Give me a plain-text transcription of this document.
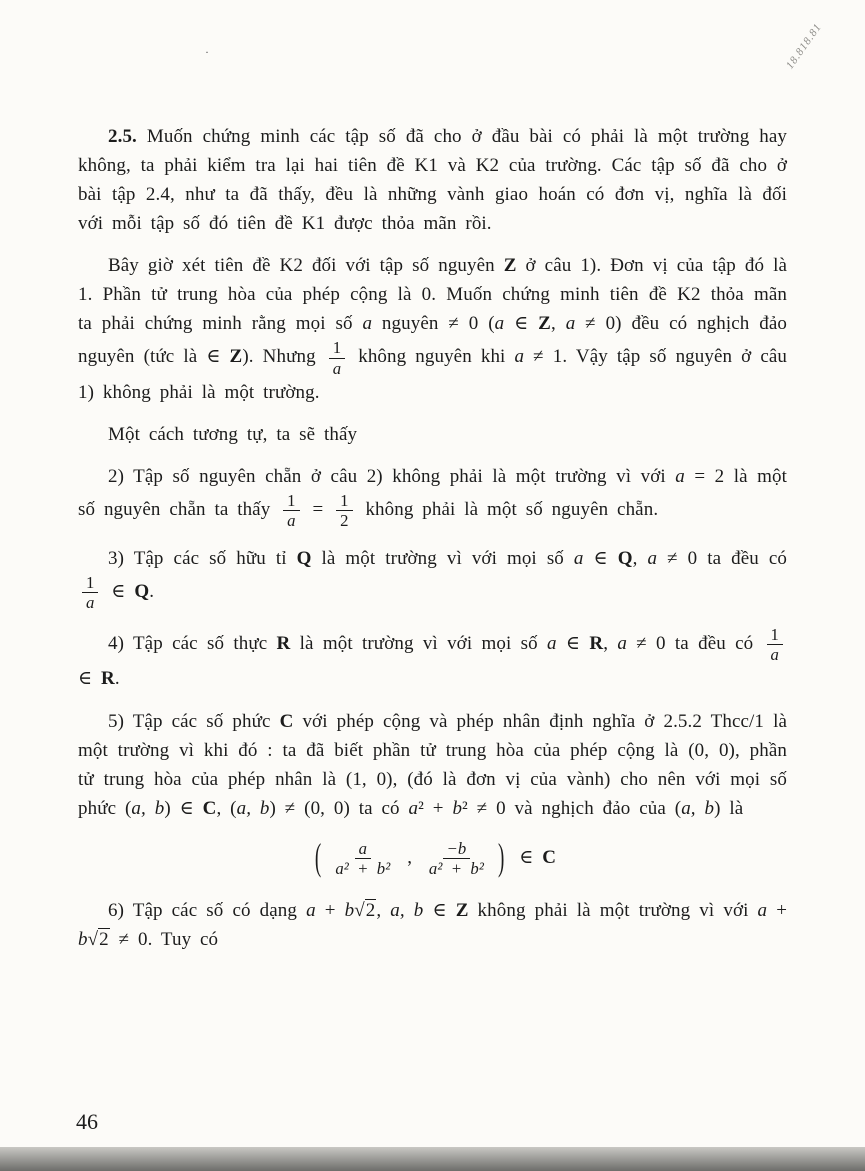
·	18.818.81

2.5. Muốn chứng minh các tập số đã cho ở đầu bài có phải là một trường hay không, ta phải kiểm tra lại hai tiên đề K1 và K2 của trường. Các tập số đã cho ở bài tập 2.4, như ta đã thấy, đều là những vành giao hoán có đơn vị, nghĩa là đối với mỗi tập số đó tiên đề K1 được thỏa mãn rồi.

Bây giờ xét tiên đề K2 đối với tập số nguyên Z ở câu 1). Đơn vị của tập đó là 1. Phần tử trung hòa của phép cộng là 0. Muốn chứng minh tiên đề K2 thỏa mãn ta phải chứng minh rằng mọi số a nguyên ≠ 0 (a ∈ Z, a ≠ 0) đều có nghịch đảo nguyên (tức là ∈ Z). Nhưng $\frac{1}{a}$ không nguyên khi a ≠ 1. Vậy tập số nguyên ở câu 1) không phải là một trường.

Một cách tương tự, ta sẽ thấy

2) Tập số nguyên chẵn ở câu 2) không phải là một trường vì với a = 2 là một số nguyên chẵn ta thấy $\frac{1}{a} = \frac{1}{2}$ không phải là một số nguyên chẵn.

3) Tập các số hữu tỉ Q là một trường vì với mọi số a ∈ Q, a ≠ 0 ta đều có
$\frac{1}{a}$ ∈ Q.

4) Tập các số thực R là một trường vì với mọi số a ∈ R, a ≠ 0 ta đều có $\frac{1}{a}$
∈ R.

5) Tập các số phức C với phép cộng và phép nhân định nghĩa ở 2.5.2 Thcc/1 là một trường vì khi đó : ta đã biết phần tử trung hòa của phép cộng là (0, 0), phần tử trung hòa của phép nhân là (1, 0), (đó là đơn vị của vành) cho nên với mọi số phức (a, b) ∈ C, (a, b) ≠ (0, 0) ta có a² + b² ≠ 0 và nghịch đảo của (a, b) là

( $\frac{a}{\text{a² + b²}}$ , $\frac{-b}{\text{a² + b²}}$ ) ∈ C

6) Tập các số có dạng a + b√2, a, b ∈ Z không phải là một trường vì với a + b√2 ≠ 0. Tuy có

46
